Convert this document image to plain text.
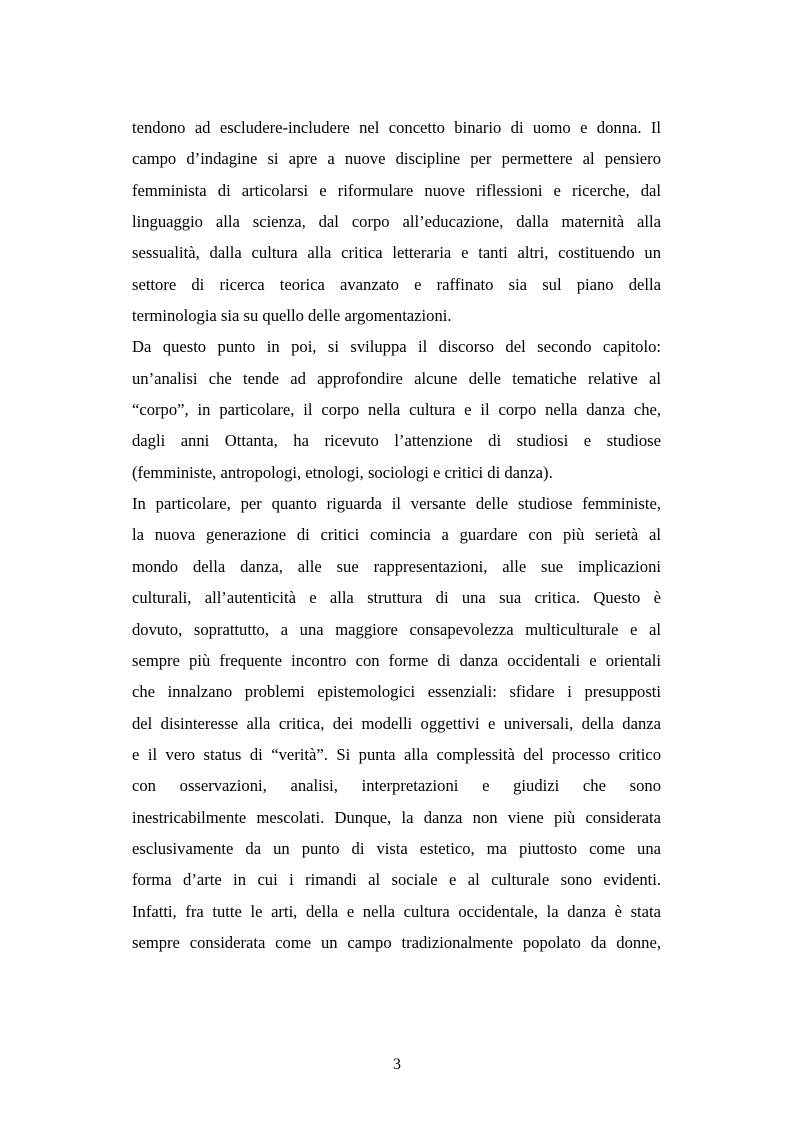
tendono ad escludere-includere nel concetto binario di uomo e donna. Il
campo d’indagine si apre a nuove discipline per permettere al pensiero
femminista di articolarsi e riformulare nuove riflessioni e ricerche, dal
linguaggio alla scienza, dal corpo all’educazione, dalla maternità alla
sessualità, dalla cultura alla critica letteraria e tanti altri, costituendo un
settore di ricerca teorica avanzato e raffinato sia sul piano della
terminologia sia su quello delle argomentazioni.
Da questo punto in poi, si sviluppa il discorso del secondo capitolo:
un’analisi che tende ad approfondire alcune delle tematiche relative al
“corpo”, in particolare, il corpo nella cultura e il corpo nella danza che,
dagli anni Ottanta, ha ricevuto l’attenzione di studiosi e studiose
(femministe, antropologi, etnologi, sociologi e critici di danza).
In particolare, per quanto riguarda il versante delle studiose femministe,
la nuova generazione di critici comincia a guardare con più serietà al
mondo della danza, alle sue rappresentazioni, alle sue implicazioni
culturali, all’autenticità e alla struttura di una sua critica. Questo è
dovuto, soprattutto, a una maggiore consapevolezza multiculturale e al
sempre più frequente incontro con forme di danza occidentali e orientali
che innalzano problemi epistemologici essenziali: sfidare i presupposti
del disinteresse alla critica, dei modelli oggettivi e universali, della danza
e il vero status di “verità”. Si punta alla complessità del processo critico
con osservazioni, analisi, interpretazioni e giudizi che sono
inestricabilmente mescolati. Dunque, la danza non viene più considerata
esclusivamente da un punto di vista estetico, ma piuttosto come una
forma d’arte in cui i rimandi al sociale e al culturale sono evidenti.
Infatti, fra tutte le arti, della e nella cultura occidentale, la danza è stata
sempre considerata come un campo tradizionalmente popolato da donne,
3
